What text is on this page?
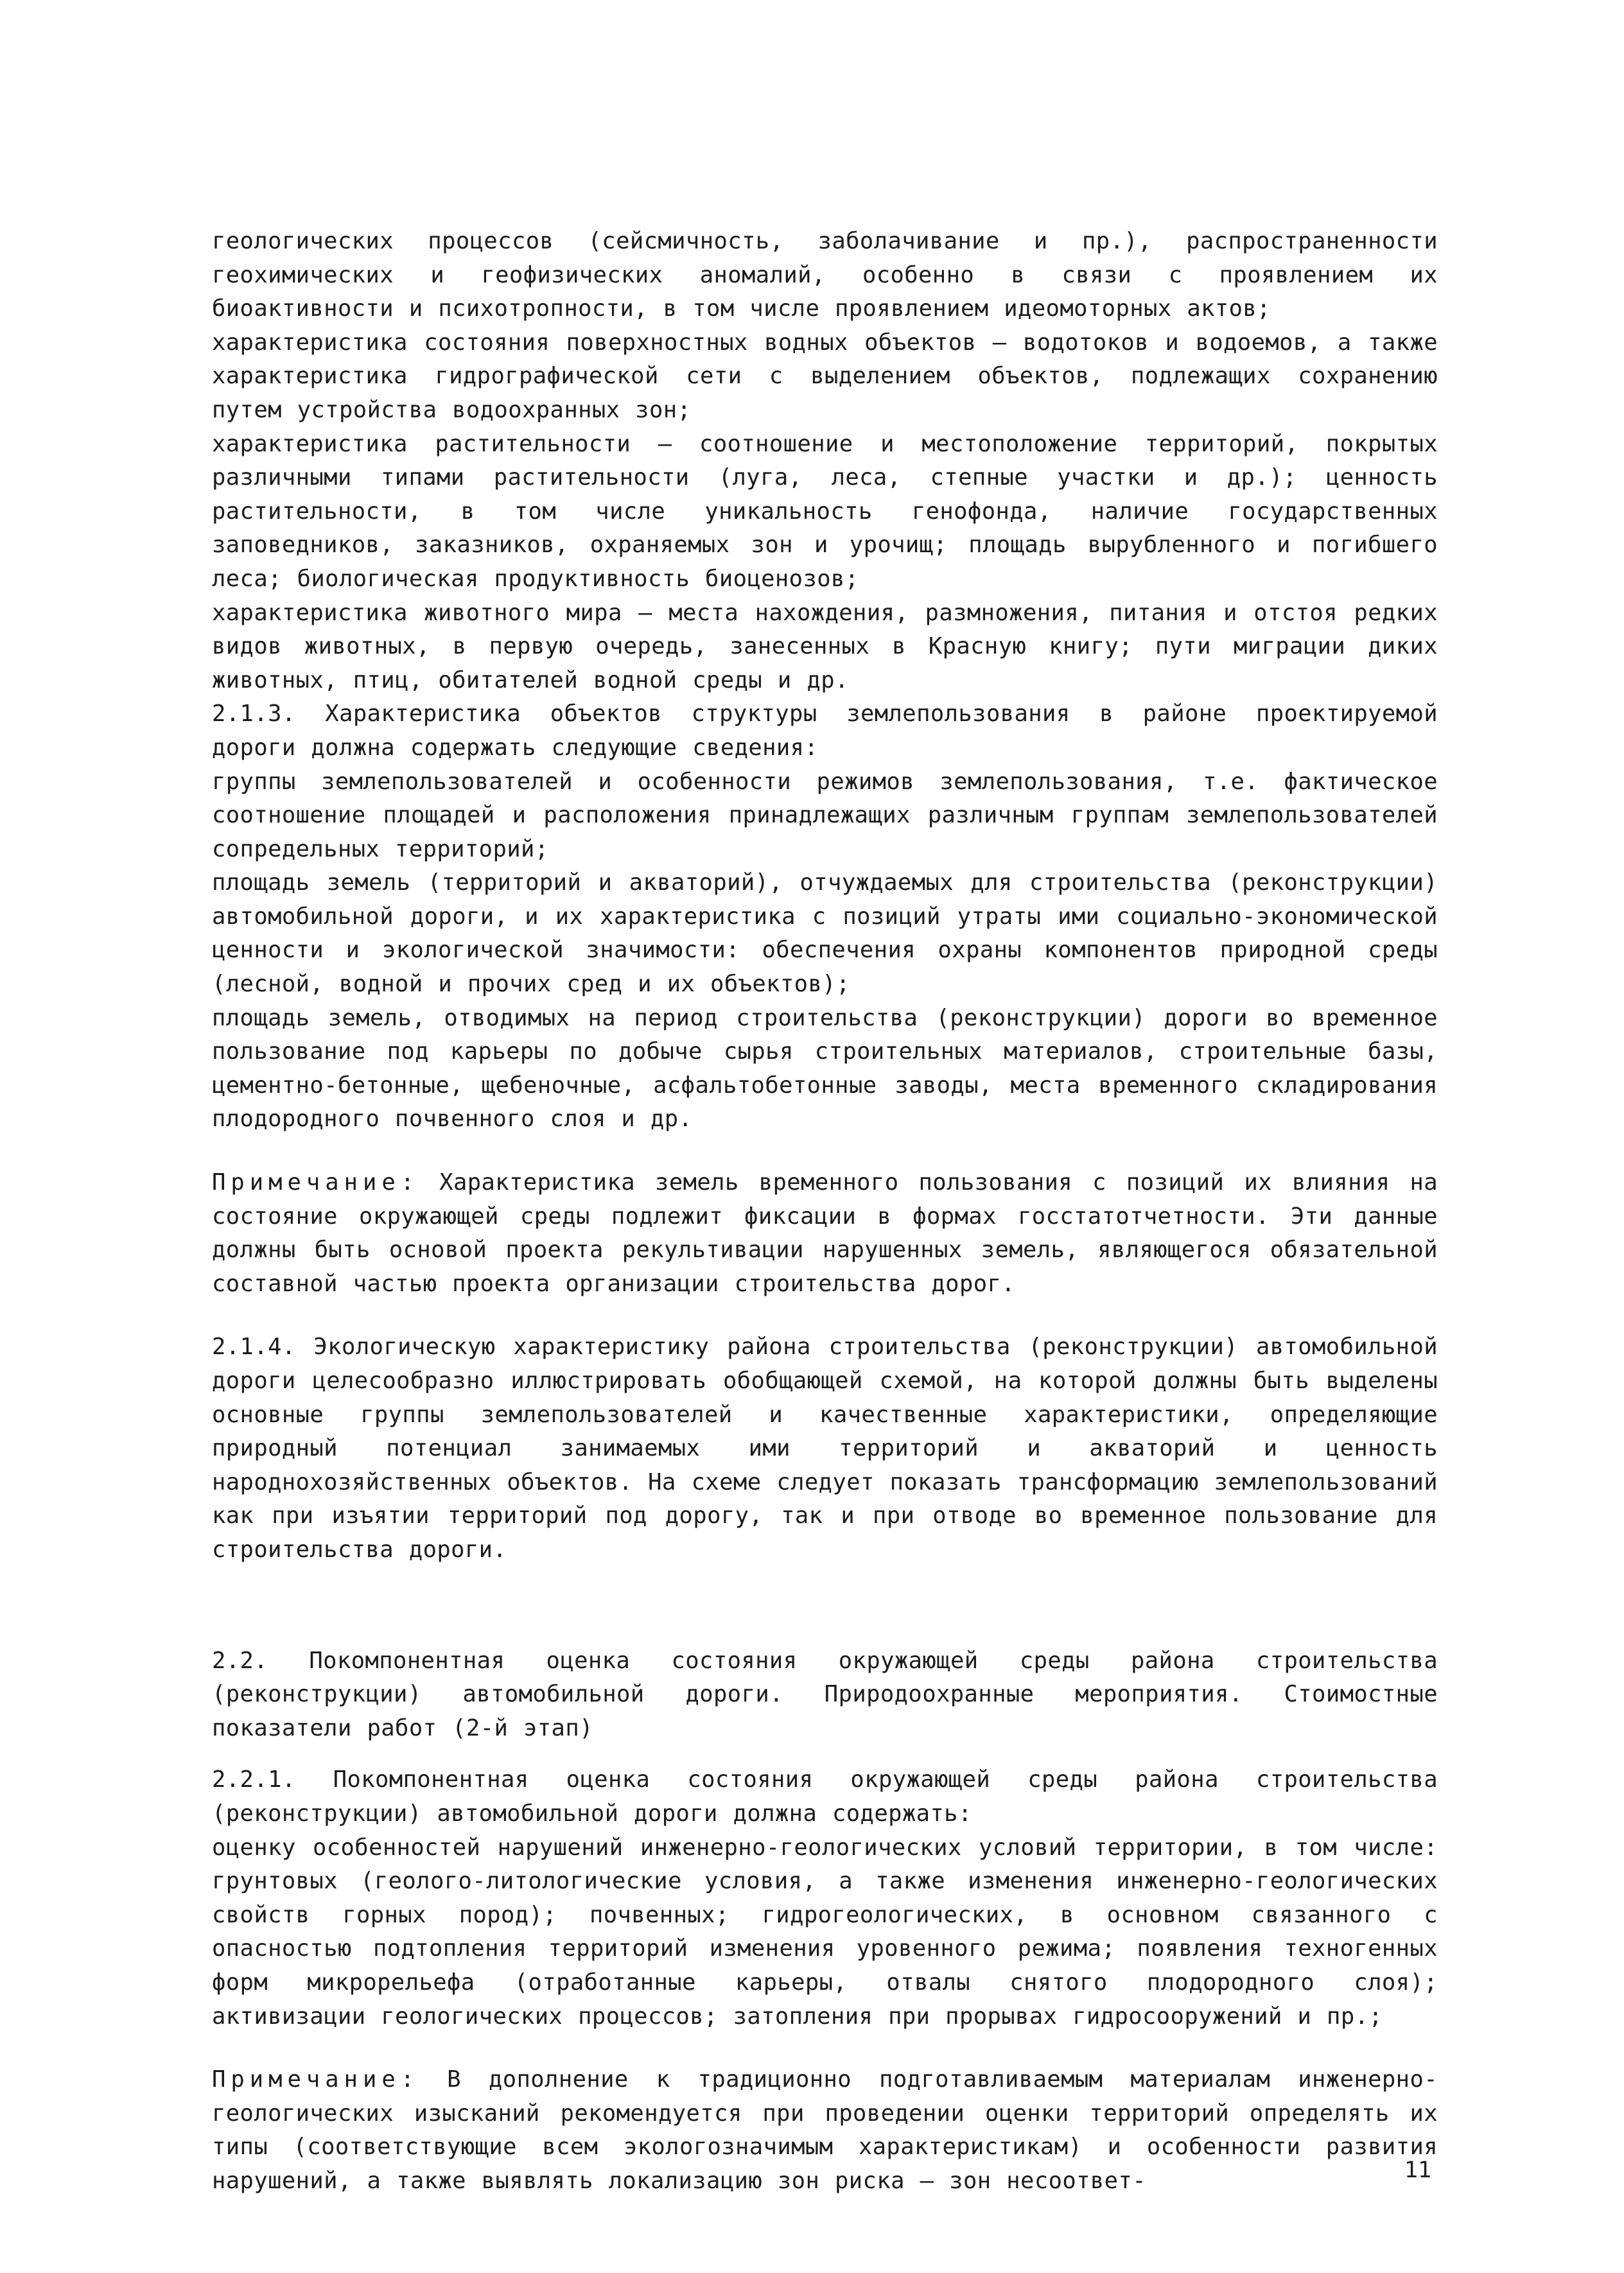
геологических процессов (сейсмичность, заболачивание и пр.), распространенности геохимических и геофизических аномалий, особенно в связи с проявлением их биоактивности и психотропности, в том числе проявлением идеомоторных актов;

характеристика состояния поверхностных водных объектов – водотоков и водоемов, а также характеристика гидрографической сети с выделением объектов, подлежащих сохранению путем устройства водоохранных зон;

характеристика растительности – соотношение и местоположение территорий, покрытых различными типами растительности (луга, леса, степные участки и др.); ценность растительности, в том числе уникальность генофонда, наличие государственных заповедников, заказников, охраняемых зон и урочищ; площадь вырубленного и погибшего леса; биологическая продуктивность биоценозов;

характеристика животного мира – места нахождения, размножения, питания и отстоя редких видов животных, в первую очередь, занесенных в Красную книгу; пути миграции диких животных, птиц, обитателей водной среды и др.

2.1.3. Характеристика объектов структуры землепользования в районе проектируемой дороги должна содержать следующие сведения:

группы землепользователей и особенности режимов землепользования, т.е. фактическое соотношение площадей и расположения принадлежащих различным группам землепользователей сопредельных территорий;

площадь земель (территорий и акваторий), отчуждаемых для строительства (реконструкции) автомобильной дороги, и их характеристика с позиций утраты ими социально-экономической ценности и экологической значимости: обеспечения охраны компонентов природной среды (лесной, водной и прочих сред и их объектов);

площадь земель, отводимых на период строительства (реконструкции) дороги во временное пользование под карьеры по добыче сырья строительных материалов, строительные базы, цементно-бетонные, щебеночные, асфальтобетонные заводы, места временного складирования плодородного почвенного слоя и др.

Примечание: Характеристика земель временного пользования с позиций их влияния на состояние окружающей среды подлежит фиксации в формах госстатотчетности. Эти данные должны быть основой проекта рекультивации нарушенных земель, являющегося обязательной составной частью проекта организации строительства дорог.

2.1.4. Экологическую характеристику района строительства (реконструкции) автомобильной дороги целесообразно иллюстрировать обобщающей схемой, на которой должны быть выделены основные группы землепользователей и качественные характеристики, определяющие природный потенциал занимаемых ими территорий и акваторий и ценность народнохозяйственных объектов. На схеме следует показать трансформацию землепользований как при изъятии территорий под дорогу, так и при отводе во временное пользование для строительства дороги.

2.2. Покомпонентная оценка состояния окружающей среды района строительства (реконструкции) автомобильной дороги. Природоохранные мероприятия. Стоимостные показатели работ (2-й этап)

2.2.1. Покомпонентная оценка состояния окружающей среды района строительства (реконструкции) автомобильной дороги должна содержать:

оценку особенностей нарушений инженерно-геологических условий территории, в том числе: грунтовых (геолого-литологические условия, а также изменения инженерно-геологических свойств горных пород); почвенных; гидрогеологических, в основном связанного с опасностью подтопления территорий изменения уровенного режима; появления техногенных форм микрорельефа (отработанные карьеры, отвалы снятого плодородного слоя); активизации геологических процессов; затопления при прорывах гидросооружений и пр.;

Примечание: В дополнение к традиционно подготавливаемым материалам инженерно-геологических изысканий рекомендуется при проведении оценки территорий определять их типы (соответствующие всем экологозначимым характеристикам) и особенности развития нарушений, а также выявлять локализацию зон риска – зон несоответ-	11
